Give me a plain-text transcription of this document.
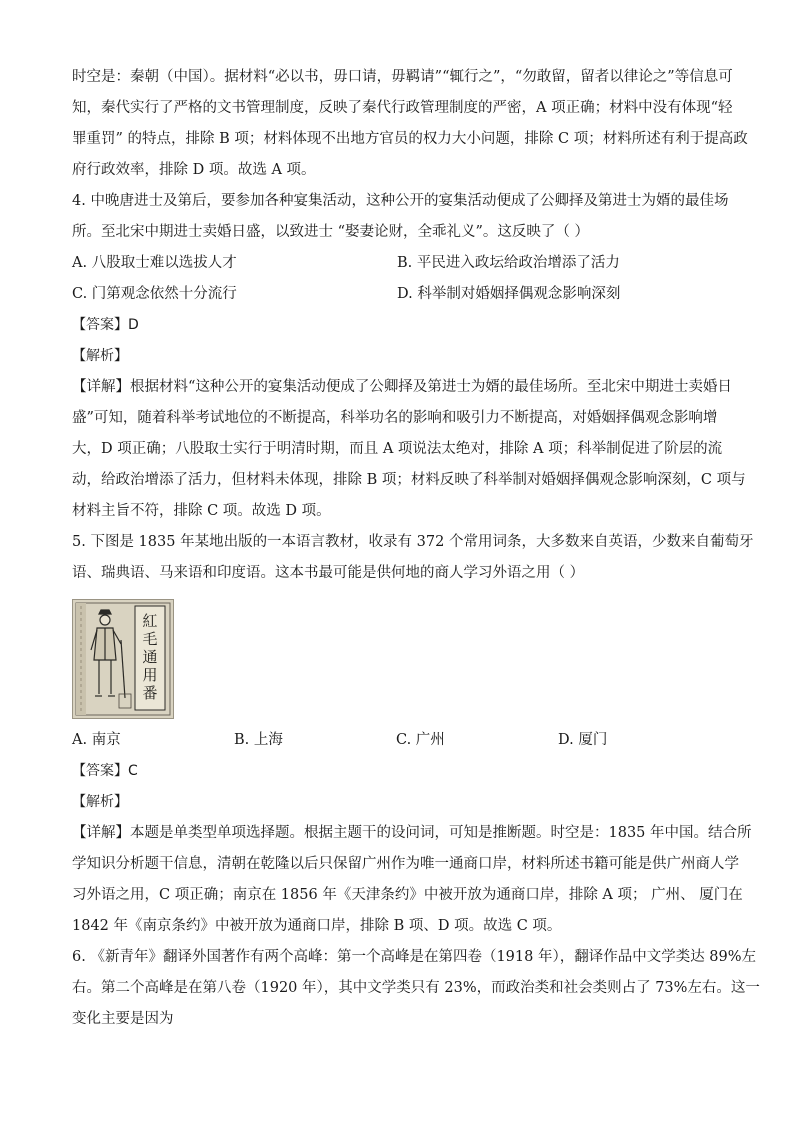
时空是：秦朝（中国）。据材料“必以书，毋口请，毋羁请”“辄行之”，“勿敢留，留者以律论之”等信息可
知，秦代实行了严格的文书管理制度，反映了秦代行政管理制度的严密，A 项正确；材料中没有体现“轻
罪重罚” 的特点，排除 B 项；材料体现不出地方官员的权力大小问题，排除 C 项；材料所述有利于提高政
府行政效率，排除 D 项。故选 A 项。
4. 中晚唐进士及第后，要参加各种宴集活动，这种公开的宴集活动便成了公卿择及第进士为婿的最佳场
所。至北宋中期进士卖婚日盛，以致进士 “娶妻论财，全乖礼义”。这反映了（ ）
A. 八股取士难以选拔人才	B. 平民进入政坛给政治增添了活力
C. 门第观念依然十分流行	D. 科举制对婚姻择偶观念影响深刻
【答案】D
【解析】
【详解】根据材料“这种公开的宴集活动便成了公卿择及第进士为婿的最佳场所。至北宋中期进士卖婚日
盛”可知，随着科举考试地位的不断提高，科举功名的影响和吸引力不断提高，对婚姻择偶观念影响增
大，D 项正确；八股取士实行于明清时期，而且 A 项说法太绝对，排除 A 项；科举制促进了阶层的流
动，给政治增添了活力，但材料未体现，排除 B 项；材料反映了科举制对婚姻择偶观念影响深刻，C 项与
材料主旨不符，排除 C 项。故选 D 项。
5. 下图是 1835 年某地出版的一本语言教材，收录有 372 个常用词条，大多数来自英语，少数来自葡萄牙
语、瑞典语、马来语和印度语。这本书最可能是供何地的商人学习外语之用（ ）
紅
毛
通
用
番
A. 南京	B. 上海	C. 广州	D. 厦门
【答案】C
【解析】
【详解】本题是单类型单项选择题。根据主题干的设问词，可知是推断题。时空是：1835 年中国。结合所
学知识分析题干信息，清朝在乾隆以后只保留广州作为唯一通商口岸，材料所述书籍可能是供广州商人学
习外语之用，C 项正确；南京在 1856 年《天津条约》中被开放为通商口岸，排除 A 项； 广州、 厦门在
1842 年《南京条约》中被开放为通商口岸，排除 B 项、D 项。故选 C 项。
6. 《新青年》翻译外国著作有两个高峰：第一个高峰是在第四卷（1918 年），翻译作品中文学类达 89%左
右。第二个高峰是在第八卷（1920 年），其中文学类只有 23%，而政治类和社会类则占了 73%左右。这一
变化主要是因为
